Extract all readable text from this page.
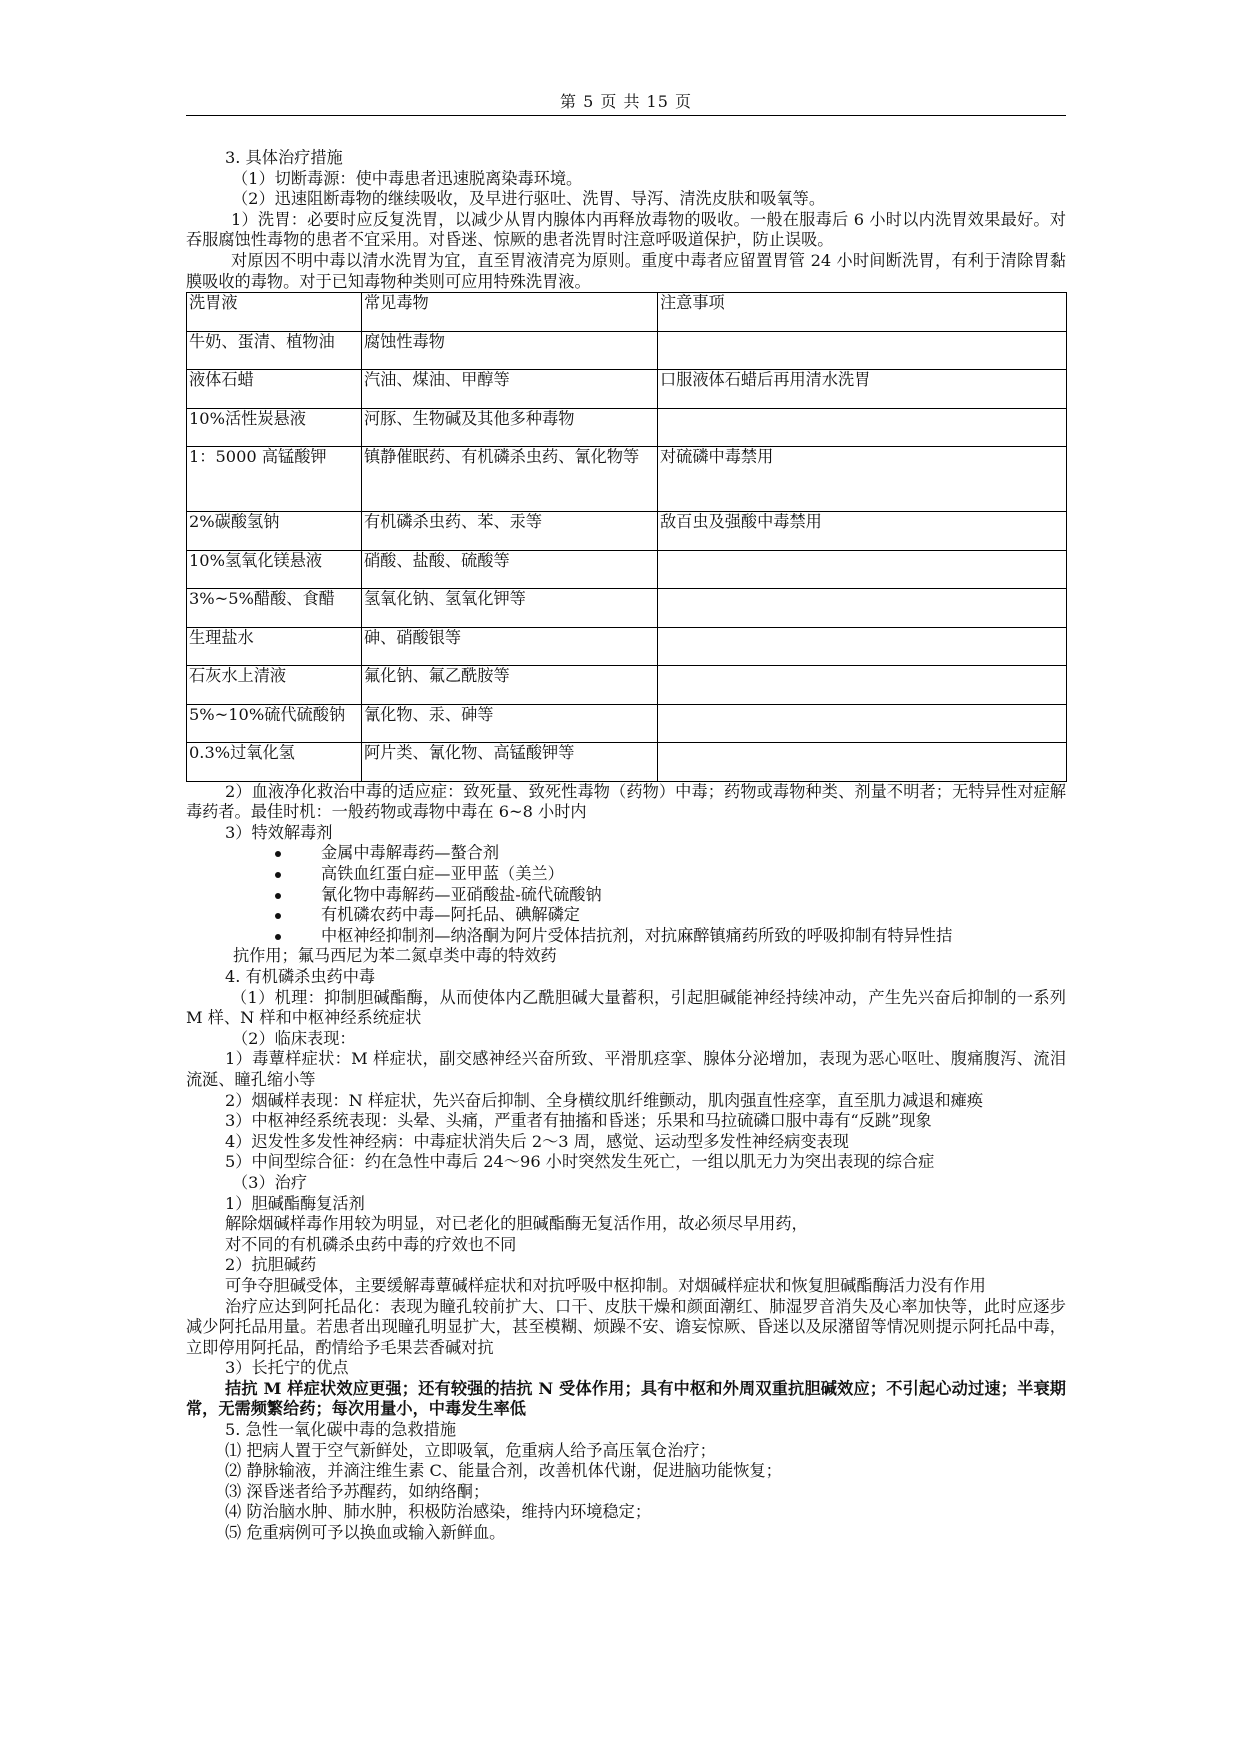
第 5 页 共 15 页

3. 具体治疗措施

（1）切断毒源：使中毒患者迅速脱离染毒环境。

（2）迅速阻断毒物的继续吸收，及早进行驱吐、洗胃、导泻、清洗皮肤和吸氧等。

1）洗胃：必要时应反复洗胃，以减少从胃内腺体内再释放毒物的吸收。一般在服毒后 6 小时以内洗胃效果最好。对吞服腐蚀性毒物的患者不宜采用。对昏迷、惊厥的患者洗胃时注意呼吸道保护，防止误吸。

对原因不明中毒以清水洗胃为宜，直至胃液清亮为原则。重度中毒者应留置胃管 24 小时间断洗胃，有利于清除胃黏膜吸收的毒物。对于已知毒物种类则可应用特殊洗胃液。

洗胃液	常见毒物	注意事项
牛奶、蛋清、植物油	腐蚀性毒物	
液体石蜡	汽油、煤油、甲醇等	口服液体石蜡后再用清水洗胃
10%活性炭悬液	河豚、生物碱及其他多种毒物	
1：5000 高锰酸钾	镇静催眠药、有机磷杀虫药、氰化物等	对硫磷中毒禁用
2%碳酸氢钠	有机磷杀虫药、苯、汞等	敌百虫及强酸中毒禁用
10%氢氧化镁悬液	硝酸、盐酸、硫酸等	
3%~5%醋酸、食醋	氢氧化钠、氢氧化钾等	
生理盐水	砷、硝酸银等	
石灰水上清液	氟化钠、氟乙酰胺等	
5%~10%硫代硫酸钠	氰化物、汞、砷等	
0.3%过氧化氢	阿片类、氰化物、高锰酸钾等	

2）血液净化救治中毒的适应症：致死量、致死性毒物（药物）中毒；药物或毒物种类、剂量不明者；无特异性对症解毒药者。最佳时机：一般药物或毒物中毒在 6~8 小时内

3）特效解毒剂

金属中毒解毒药—螯合剂
高铁血红蛋白症—亚甲蓝（美兰）
氰化物中毒解药—亚硝酸盐-硫代硫酸钠
有机磷农药中毒—阿托品、碘解磷定
中枢神经抑制剂—纳洛酮为阿片受体拮抗剂，对抗麻醉镇痛药所致的呼吸抑制有特异性拮
抗作用；氟马西尼为苯二氮卓类中毒的特效药

4. 有机磷杀虫药中毒

（1）机理：抑制胆碱酯酶，从而使体内乙酰胆碱大量蓄积，引起胆碱能神经持续冲动，产生先兴奋后抑制的一系列 M 样、N 样和中枢神经系统症状

（2）临床表现：

1）毒蕈样症状：M 样症状，副交感神经兴奋所致、平滑肌痉挛、腺体分泌增加，表现为恶心呕吐、腹痛腹泻、流泪流涎、瞳孔缩小等

2）烟碱样表现：N 样症状，先兴奋后抑制、全身横纹肌纤维颤动，肌肉强直性痉挛，直至肌力减退和瘫痪

3）中枢神经系统表现：头晕、头痛，严重者有抽搐和昏迷；乐果和马拉硫磷口服中毒有“反跳”现象

4）迟发性多发性神经病：中毒症状消失后 2～3 周，感觉、运动型多发性神经病变表现

5）中间型综合征：约在急性中毒后 24～96 小时突然发生死亡，一组以肌无力为突出表现的综合症

（3）治疗

1）胆碱酯酶复活剂

解除烟碱样毒作用较为明显，对已老化的胆碱酯酶无复活作用，故必须尽早用药，

对不同的有机磷杀虫药中毒的疗效也不同

2）抗胆碱药

可争夺胆碱受体，主要缓解毒蕈碱样症状和对抗呼吸中枢抑制。对烟碱样症状和恢复胆碱酯酶活力没有作用

治疗应达到阿托品化：表现为瞳孔较前扩大、口干、皮肤干燥和颜面潮红、肺湿罗音消失及心率加快等，此时应逐步减少阿托品用量。若患者出现瞳孔明显扩大，甚至模糊、烦躁不安、谵妄惊厥、昏迷以及尿潴留等情况则提示阿托品中毒，立即停用阿托品，酌情给予毛果芸香碱对抗

3）长托宁的优点

拮抗 M 样症状效应更强；还有较强的拮抗 N 受体作用；具有中枢和外周双重抗胆碱效应；不引起心动过速；半衰期常，无需频繁给药；每次用量小，中毒发生率低

5. 急性一氧化碳中毒的急救措施

⑴ 把病人置于空气新鲜处，立即吸氧，危重病人给予高压氧仓治疗；

⑵ 静脉输液，并滴注维生素 C、能量合剂，改善机体代谢，促进脑功能恢复；

⑶ 深昏迷者给予苏醒药，如纳络酮；

⑷ 防治脑水肿、肺水肿，积极防治感染，维持内环境稳定；

⑸ 危重病例可予以换血或输入新鲜血。
